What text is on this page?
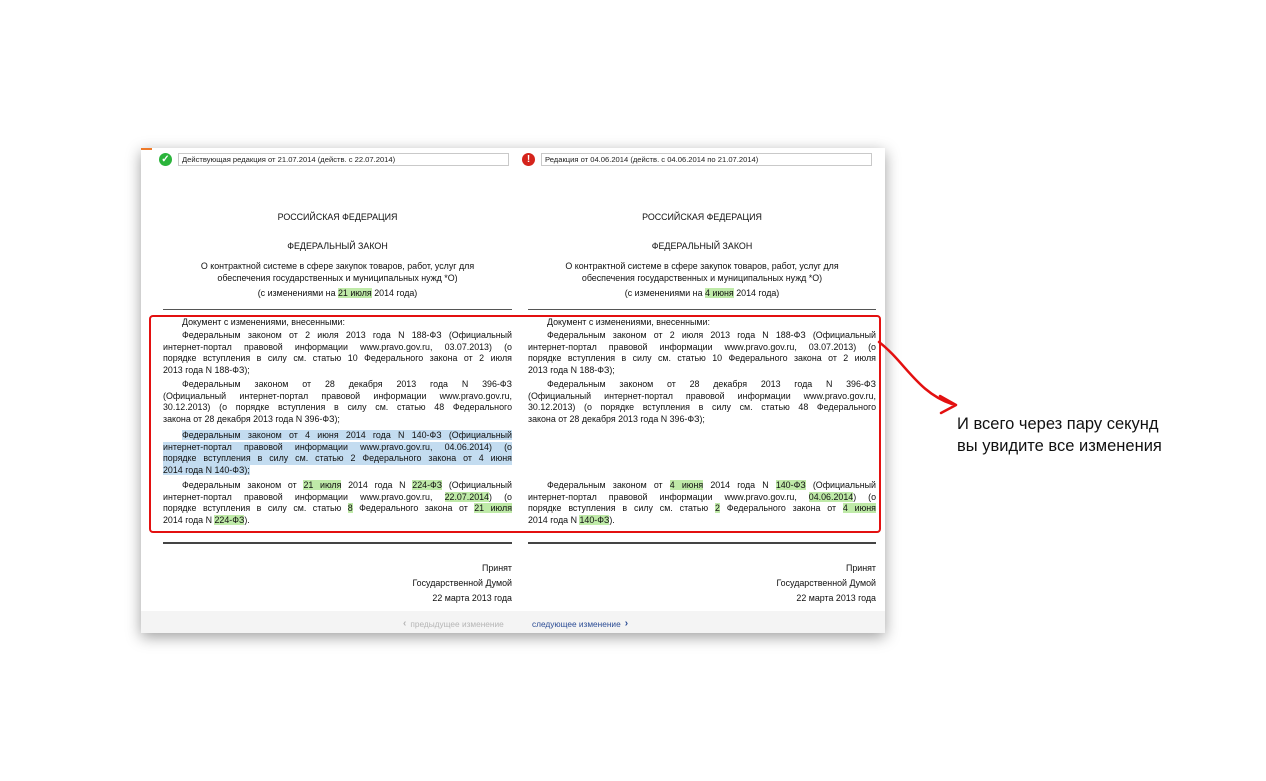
✓	Действующая редакция от 21.07.2014 (действ. с 22.07.2014)	!	Редакция от 04.06.2014 (действ. с 04.06.2014 по 21.07.2014)
РОССИЙСКАЯ ФЕДЕРАЦИЯ
ФЕДЕРАЛЬНЫЙ ЗАКОН
О контрактной системе в сфере закупок товаров, работ, услуг для
обеспечения государственных и муниципальных нужд *О)
(с изменениями на 21 июля 2014 года)
Документ с изменениями, внесенными:
Федеральным законом от 2 июля 2013 года N 188-ФЗ (Официальный
интернет-портал правовой информации www.pravo.gov.ru, 03.07.2013) (о
порядке вступления в силу см. статью 10 Федерального закона от 2 июля
2013 года N 188-ФЗ);
Федеральным законом от 28 декабря 2013 года N 396-ФЗ
(Официальный интернет-портал правовой информации www.pravo.gov.ru,
30.12.2013) (о порядке вступления в силу см. статью 48 Федерального
закона от 28 декабря 2013 года N 396-ФЗ);
Федеральным законом от 4 июня 2014 года N 140-ФЗ (Официальный
интернет-портал правовой информации www.pravo.gov.ru, 04.06.2014) (о
порядке вступления в силу см. статью 2 Федерального закона от 4 июня
2014 года N 140-ФЗ);
Федеральным законом от 21 июля 2014 года N 224-ФЗ (Официальный
интернет-портал правовой информации www.pravo.gov.ru, 22.07.2014) (о
порядке вступления в силу см. статью 8 Федерального закона от 21 июля
2014 года N 224-ФЗ).
Принят
Государственной Думой
22 марта 2013 года
РОССИЙСКАЯ ФЕДЕРАЦИЯ
ФЕДЕРАЛЬНЫЙ ЗАКОН
О контрактной системе в сфере закупок товаров, работ, услуг для
обеспечения государственных и муниципальных нужд *О)
(с изменениями на 4 июня 2014 года)
Документ с изменениями, внесенными:
Федеральным законом от 2 июля 2013 года N 188-ФЗ (Официальный
интернет-портал правовой информации www.pravo.gov.ru, 03.07.2013) (о
порядке вступления в силу см. статью 10 Федерального закона от 2 июля
2013 года N 188-ФЗ);
Федеральным законом от 28 декабря 2013 года N 396-ФЗ
(Официальный интернет-портал правовой информации www.pravo.gov.ru,
30.12.2013) (о порядке вступления в силу см. статью 48 Федерального
закона от 28 декабря 2013 года N 396-ФЗ);
Федеральным законом от 4 июня 2014 года N 140-ФЗ (Официальный
интернет-портал правовой информации www.pravo.gov.ru, 04.06.2014) (о
порядке вступления в силу см. статью 2 Федерального закона от 4 июня
2014 года N 140-ФЗ).
Принят
Государственной Думой
22 марта 2013 года
‹ предыдущее изменение	следующее изменение ›
И всего через пару секунд
вы увидите все изменения
